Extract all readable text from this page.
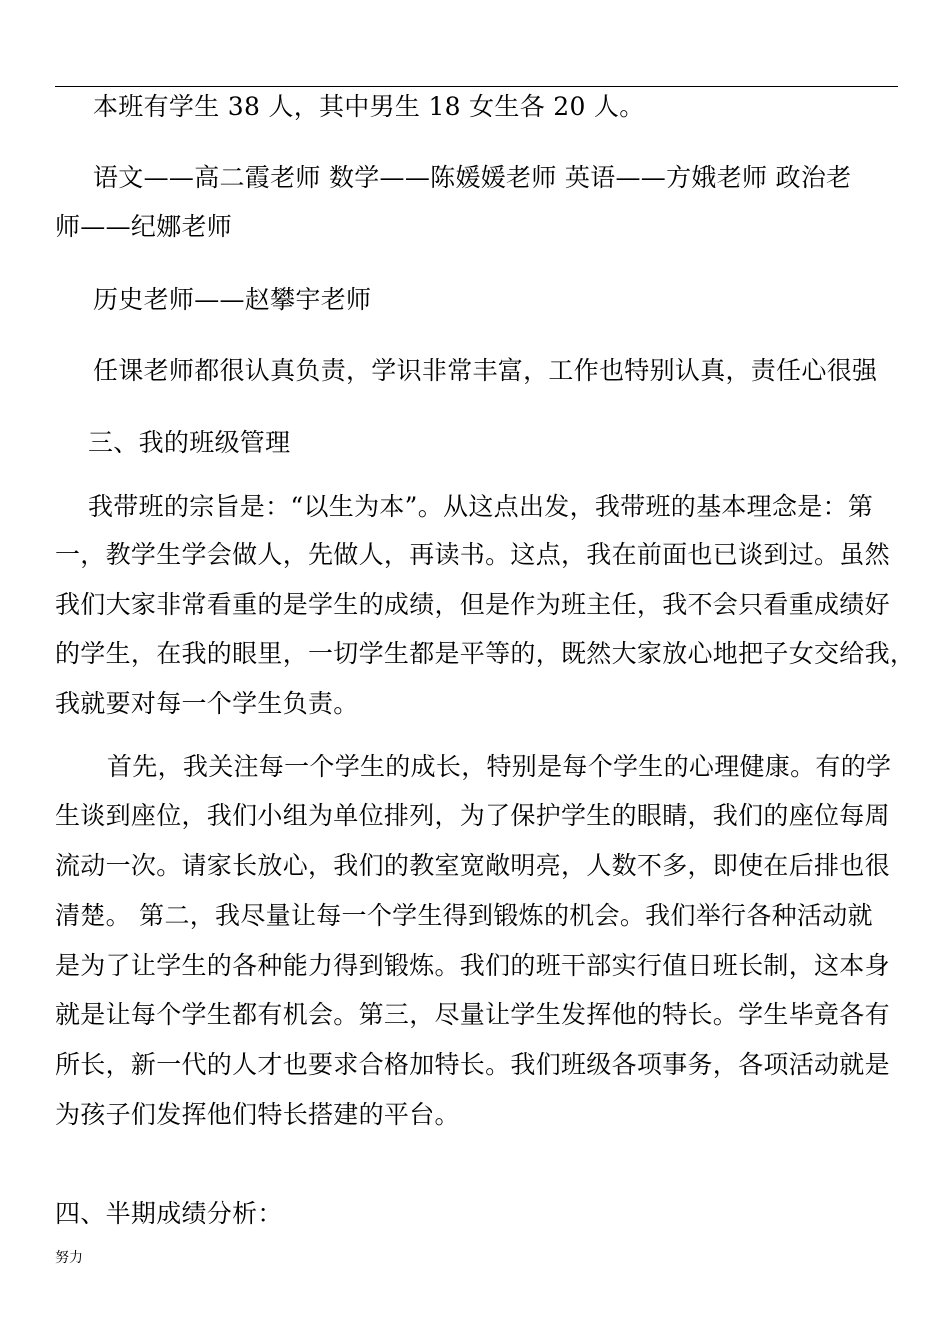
本班有学生 38 人，其中男生 18 女生各 20 人。
语文——高二霞老师 数学——陈媛媛老师 英语——方娥老师 政治老
师——纪娜老师
历史老师——赵攀宇老师
任课老师都很认真负责，学识非常丰富，工作也特别认真，责任心很强
三、我的班级管理
我带班的宗旨是：“以生为本”。从这点出发，我带班的基本理念是：第
一，教学生学会做人，先做人，再读书。这点，我在前面也已谈到过。虽然
我们大家非常看重的是学生的成绩，但是作为班主任，我不会只看重成绩好
的学生，在我的眼里，一切学生都是平等的，既然大家放心地把子女交给我，
我就要对每一个学生负责。
首先，我关注每一个学生的成长，特别是每个学生的心理健康。有的学
生谈到座位，我们小组为单位排列，为了保护学生的眼睛，我们的座位每周
流动一次。请家长放心，我们的教室宽敞明亮，人数不多，即使在后排也很
清楚。 第二，我尽量让每一个学生得到锻炼的机会。我们举行各种活动就
是为了让学生的各种能力得到锻炼。我们的班干部实行值日班长制，这本身
就是让每个学生都有机会。第三，尽量让学生发挥他的特长。学生毕竟各有
所长，新一代的人才也要求合格加特长。我们班级各项事务，各项活动就是
为孩子们发挥他们特长搭建的平台。
四、半期成绩分析：
努力
